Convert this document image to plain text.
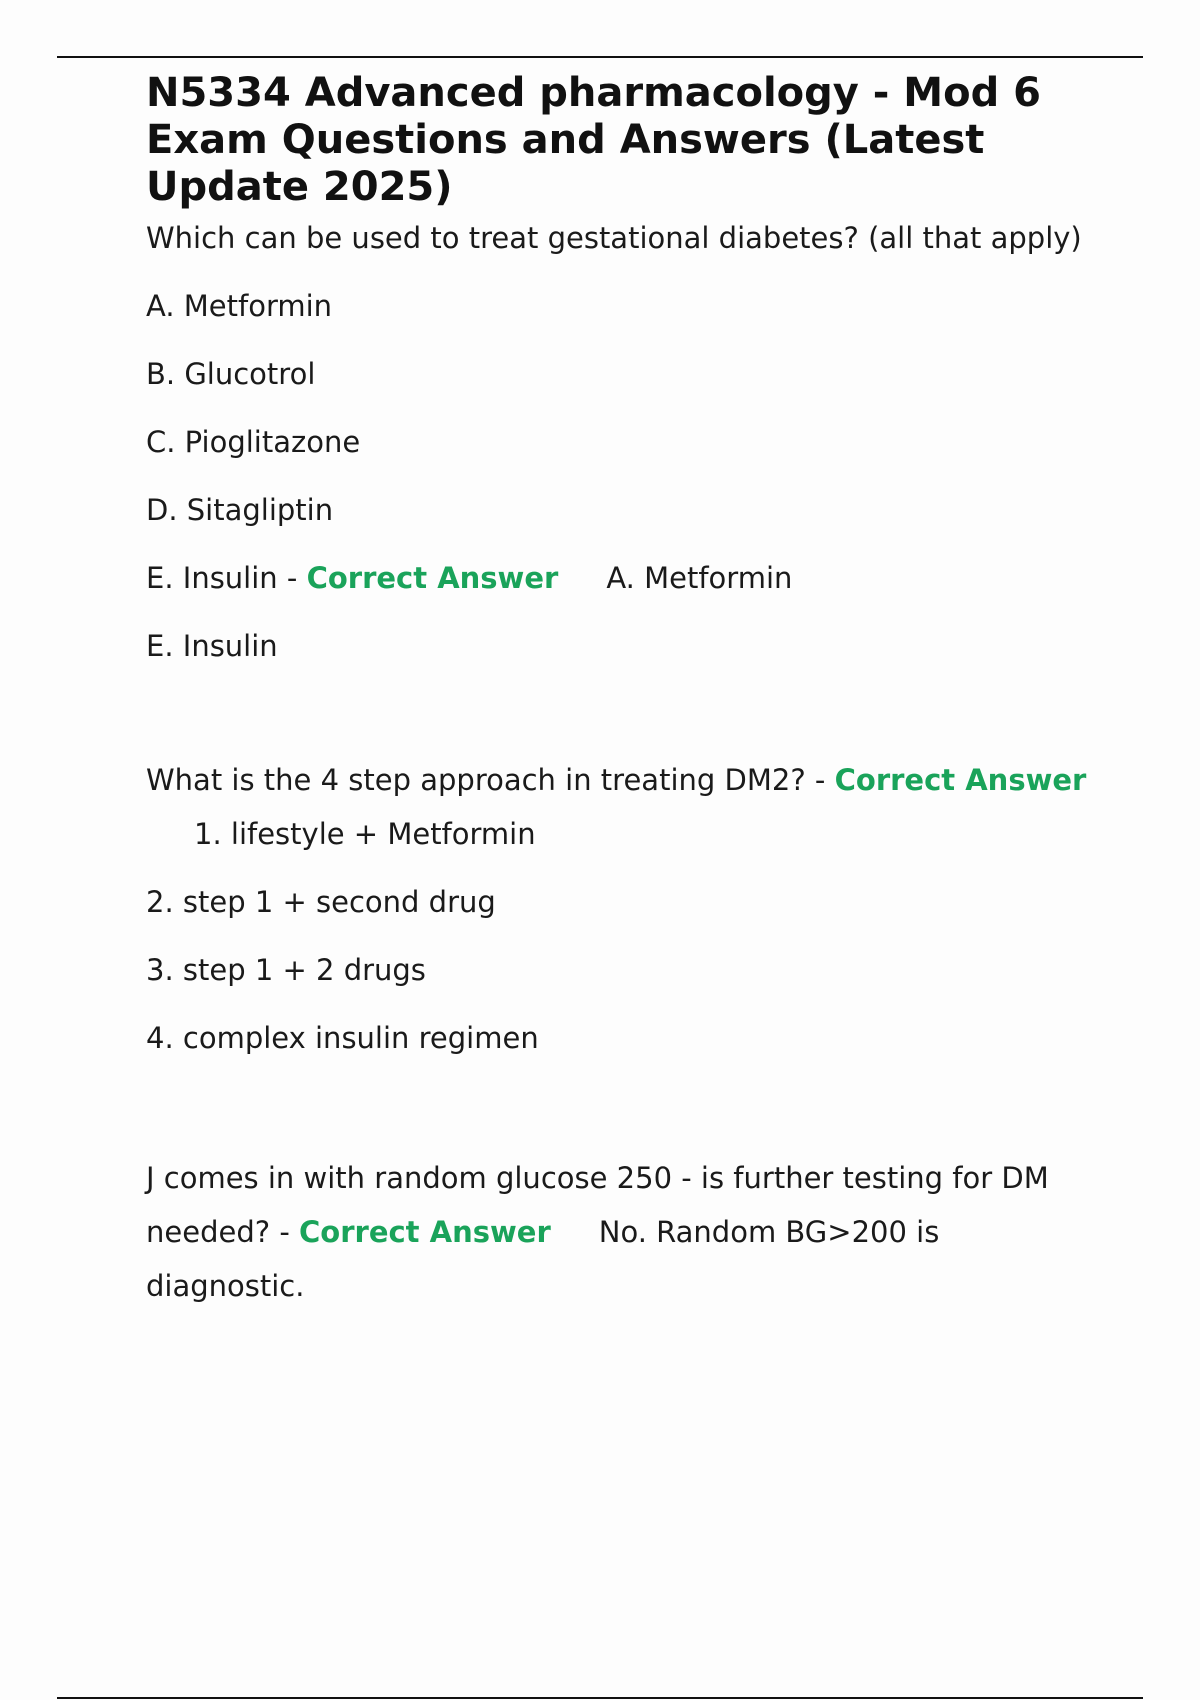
N5334 Advanced pharmacology - Mod 6 Exam Questions and Answers (Latest Update 2025)

Which can be used to treat gestational diabetes? (all that apply)

A. Metformin

B. Glucotrol

C. Pioglitazone

D. Sitagliptin

E. Insulin - Correct Answer A. Metformin

E. Insulin

What is the 4 step approach in treating DM2? - Correct Answer1. lifestyle + Metformin

2. step 1 + second drug

3. step 1 + 2 drugs

4. complex insulin regimen

J comes in with random glucose 250 - is further testing for DM needed? - Correct Answer No. Random BG>200 is diagnostic.
